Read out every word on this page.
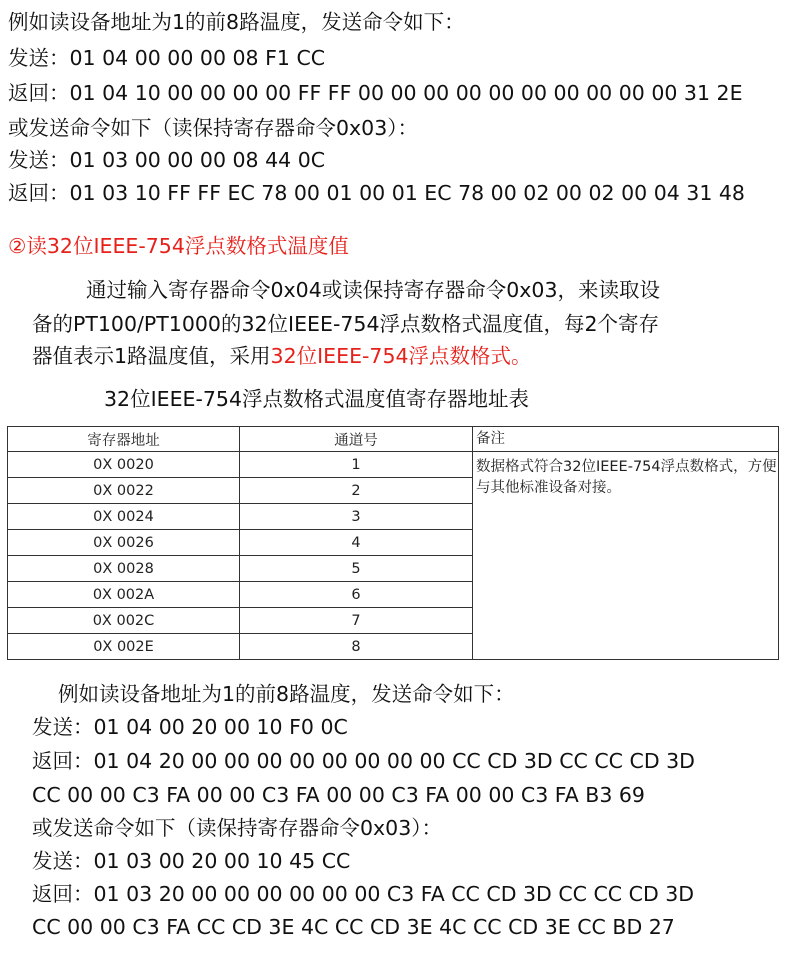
例如读设备地址为1的前8路温度，发送命令如下：
发送：01 04 00 00 00 08 F1 CC
返回：01 04 10 00 00 00 00 FF FF 00 00 00 00 00 00 00 00 00 00 31 2E
或发送命令如下（读保持寄存器命令0x03）：
发送：01 03 00 00 00 08 44 0C
返回：01 03 10 FF FF EC 78 00 01 00 01 EC 78 00 02 00 02 00 04 31 48
②读32位IEEE-754浮点数格式温度值
通过输入寄存器命令0x04或读保持寄存器命令0x03，来读取设
备的PT100/PT1000的32位IEEE-754浮点数格式温度值，每2个寄存
器值表示1路温度值，采用32位IEEE-754浮点数格式。
32位IEEE-754浮点数格式温度值寄存器地址表
寄存器地址	通道号	备注
0X 0020	1	数据格式符合32位IEEE-754浮点数格式，方便与其他标准设备对接。
0X 0022	2	
0X 0024	3	
0X 0026	4	
0X 0028	5	
0X 002A	6	
0X 002C	7	
0X 002E	8	
例如读设备地址为1的前8路温度，发送命令如下：
发送：01 04 00 20 00 10 F0 0C
返回：01 04 20 00 00 00 00 00 00 00 00 CC CD 3D CC CC CD 3D
CC 00 00 C3 FA 00 00 C3 FA 00 00 C3 FA 00 00 C3 FA B3 69
或发送命令如下（读保持寄存器命令0x03）：
发送：01 03 00 20 00 10 45 CC
返回：01 03 20 00 00 00 00 00 00 C3 FA CC CD 3D CC CC CD 3D
CC 00 00 C3 FA CC CD 3E 4C CC CD 3E 4C CC CD 3E CC BD 27
